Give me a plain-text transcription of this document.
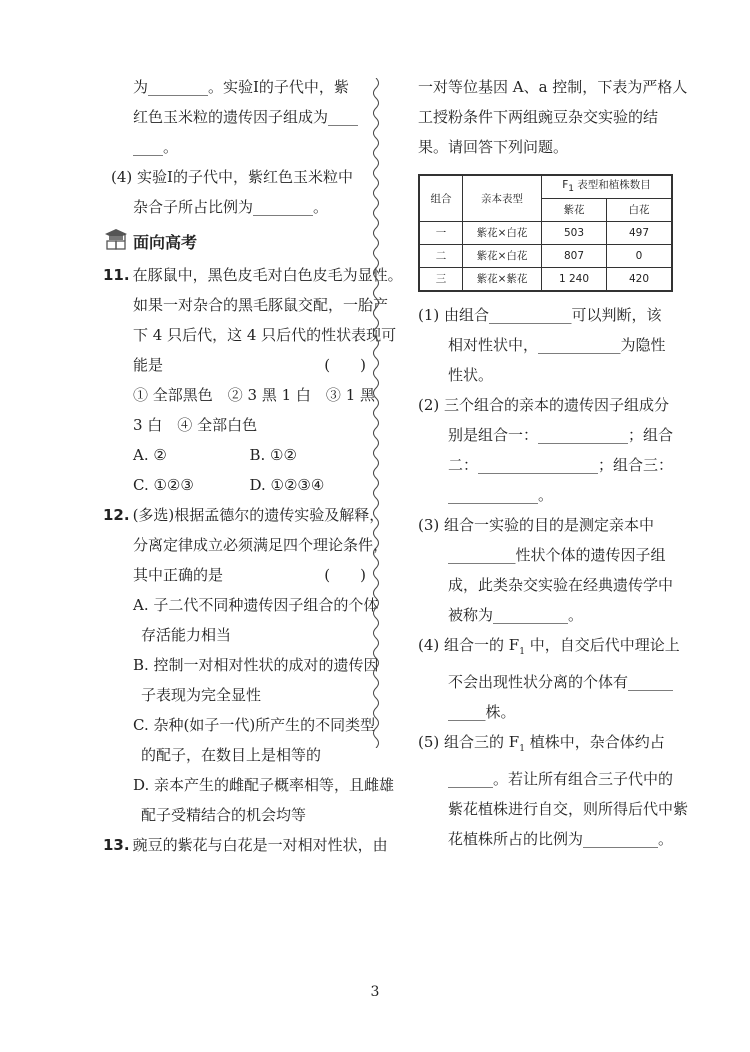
为________。实验Ⅰ的子代中，紫

红色玉米粒的遗传因子组成为____

____。

(4) 实验Ⅰ的子代中，紫红色玉米粒中

杂合子所占比例为________。

面向高考

11. 在豚鼠中，黑色皮毛对白色皮毛为显性。

如果一对杂合的黑毛豚鼠交配，一胎产

下 4 只后代，这 4 只后代的性状表现可

能是	(　　)

① 全部黑色　② 3 黑 1 白　③ 1 黑

3 白　④ 全部白色

A. ②	B. ①②
C. ①②③	D. ①②③④

12. (多选)根据孟德尔的遗传实验及解释，

分离定律成立必须满足四个理论条件，

其中正确的是	(　　)

A. 子二代不同种遗传因子组合的个体

存活能力相当

B. 控制一对相对性状的成对的遗传因

子表现为完全显性

C. 杂种(如子一代)所产生的不同类型

的配子，在数目上是相等的

D. 亲本产生的雌配子概率相等，且雌雄

配子受精结合的机会均等

13. 豌豆的紫花与白花是一对相对性状，由

一对等位基因 A、a 控制，下表为严格人

工授粉条件下两组豌豆杂交实验的结

果。请回答下列问题。

组合	亲本表型	$F_1$ 表型和植株数目	
		紫花	白花
一	紫花×白花	503	497
二	紫花×白花	807	0
三	紫花×紫花	1 240	420

(1) 由组合___________可以判断，该

相对性状中，___________为隐性

性状。

(2) 三个组合的亲本的遗传因子组成分

别是组合一：____________；组合

二：________________；组合三：

____________。

(3) 组合一实验的目的是测定亲本中

_________性状个体的遗传因子组

成，此类杂交实验在经典遗传学中

被称为__________。

(4) 组合一的 $F_1$ 中，自交后代中理论上

不会出现性状分离的个体有______

_____株。

(5) 组合三的 $F_1$ 植株中，杂合体约占

______。若让所有组合三子代中的

紫花植株进行自交，则所得后代中紫

花植株所占的比例为__________。

3
